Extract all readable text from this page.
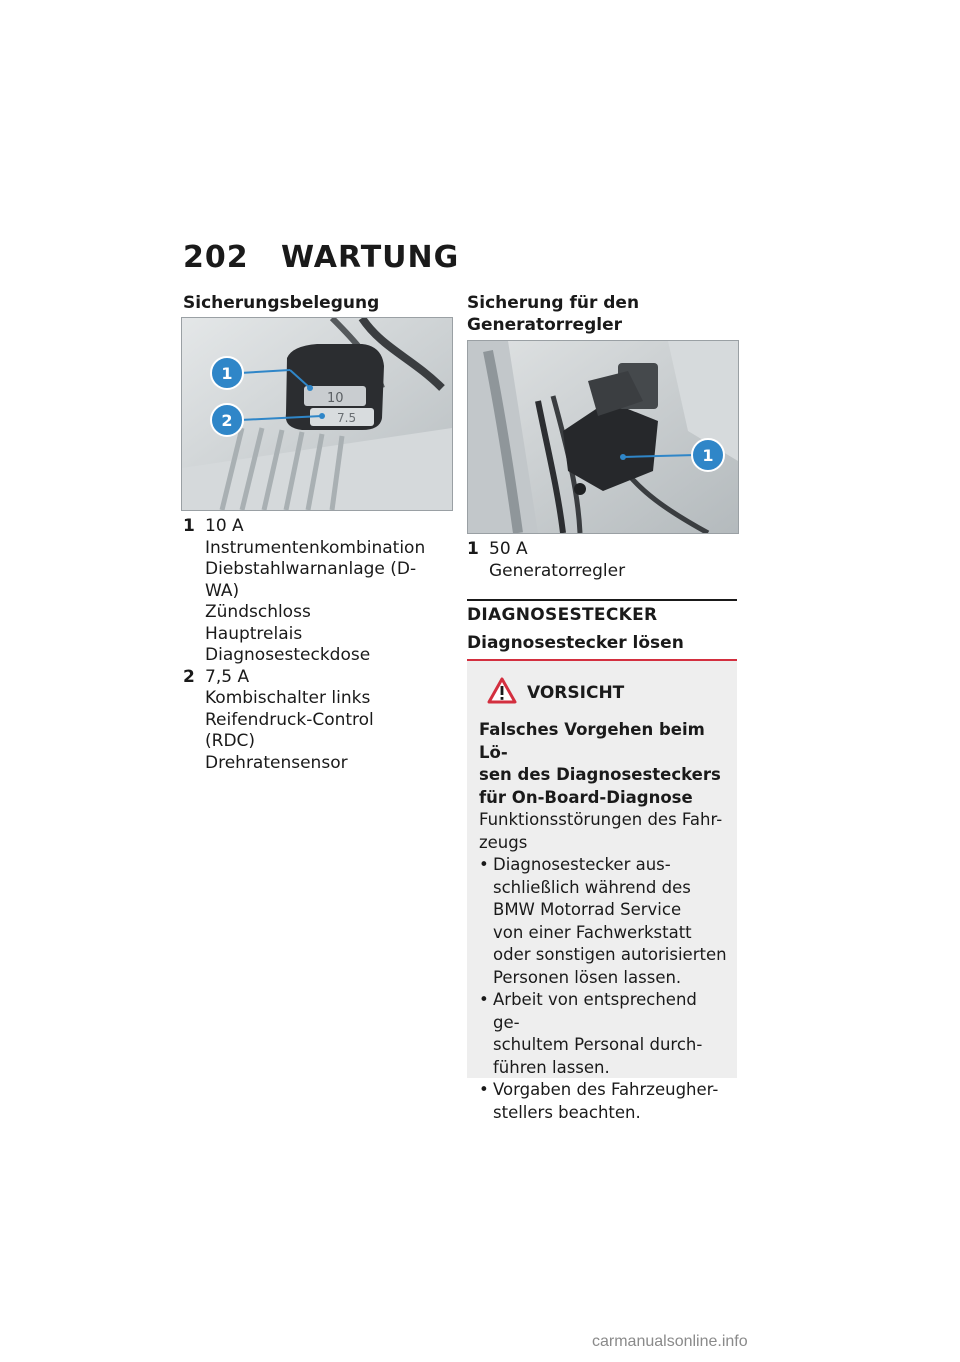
202 WARTUNG
Sicherungsbelegung
10
7.5
1
2
1 10 A
Instrumentenkombination
Diebstahlwarnanlage (D-
WA)
Zündschloss
Hauptrelais
Diagnosesteckdose
2 7,5 A
Kombischalter links
Reifendruck-Control
(RDC)
Drehratensensor
Sicherung für den
Generatorregler
1
1 50 A
Generatorregler
DIAGNOSESTECKER
Diagnosestecker lösen
VORSICHT
Falsches Vorgehen beim Lö-
sen des Diagnosesteckers
für On-Board-Diagnose
Funktionsstörungen des Fahr-
zeugs
• Diagnosestecker aus-
schließlich während des
BMW Motorrad Service
von einer Fachwerkstatt
oder sonstigen autorisierten
Personen lösen lassen.
• Arbeit von entsprechend ge-
schultem Personal durch-
führen lassen.
• Vorgaben des Fahrzeugher-
stellers beachten.
carmanualsonline.info
